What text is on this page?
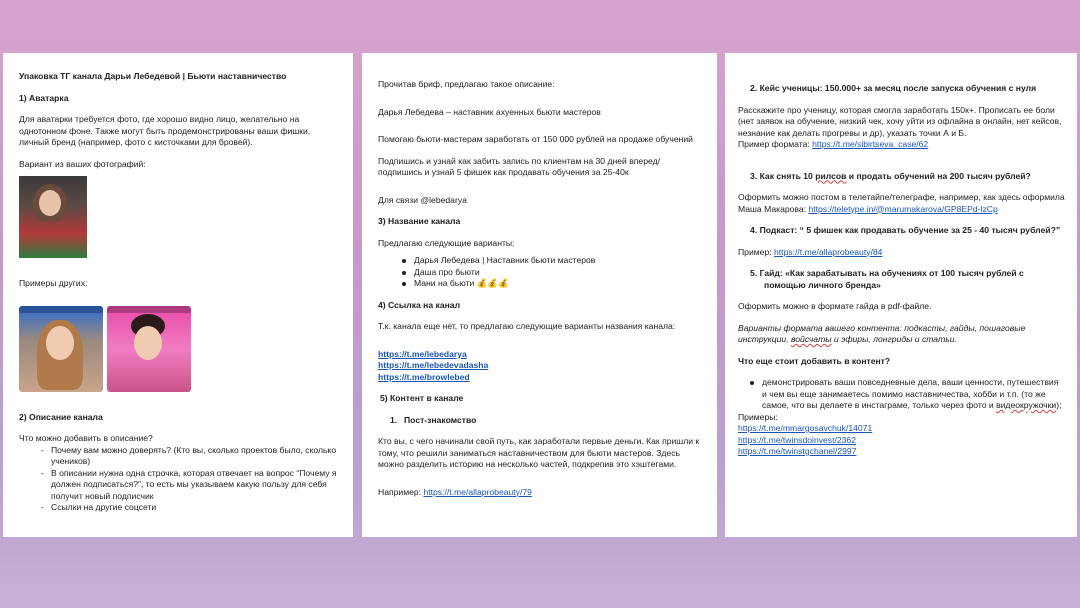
Упаковка ТГ канала Дарьи Лебедевой | Бьюти наставничество

1) Аватарка

Для аватарки требуется фото, где хорошо видно лицо, желательно на однотонном фоне. Также могут быть продемонстрированы ваши фишки, личный бренд (например, фото с кисточками для бровей).

Вариант из ваших фотографий:

Примеры других:

2) Описание канала

Что можно добавить в описание?

- Почему вам можно доверять? (Кто вы, сколько проектов было, сколько учеников)
- В описании нужна одна строчка, которая отвечает на вопрос “Почему я должен подписаться?”, то есть мы указываем какую пользу для себя получит новый подписчик
- Ссылки на другие соцсети

Прочитав бриф, предлагаю такое описание:

Дарья Лебедева – наставник ахуенных бьюти мастеров

Помогаю бьюти-мастерам заработать от 150 000 рублей на продаже обучений

Подпишись и узнай как забить запись по клиентам на 30 дней вперед/ подпишись и узнай 5 фишек как продавать обучения за 25-40к

Для связи @lebedarya

3) Название канала

Предлагаю следующие варианты:

Дарья Лебедева | Наставник бьюти мастеров
Даша про бьюти
Мани на бьюти 💰💰💰

4) Ссылка на канал

Т.к. канала еще нет, то предлагаю следующие варианты названия канала:

https://t.me/lebedarya

https://t.me/lebedevadasha

https://t.me/browlebed

5) Контент в канале

1. Пост-знакомство

Кто вы, с чего начинали свой путь, как заработали первые деньги. Как пришли к тому, что решили заниматься наставничеством для бьюти мастеров. Здесь можно разделить историю на несколько частей, подкрепив это хэштегами.

Например: https://t.me/allaprobeauty/79

2. Кейс ученицы: 150.000+ за месяц после запуска обучения с нуля

Расскажите про ученицу, которая смогла заработать 150к+. Прописать ее боли (нет заявок на обучение, низкий чек, хочу уйти из офлайна в онлайн, нет кейсов, незнание как делать прогревы и др), указать точки А и Б.

Пример формата: https://t.me/sibirtseva_case/62

3. Как снять 10 рилсов и продать обучений на 200 тысяч рублей?

Оформить можно постом в телетайпе/телеграфе, например, как здесь оформила Маша Макарова: https://teletype.in/@marumakarova/GP8EPd-lzCp

4. Подкаст: “ 5 фишек как продавать обучение за 25 - 40 тысяч рублей?”

Пример: https://t.me/allaprobeauty/84

5. Гайд: «Как зарабатывать на обучениях от 100 тысяч рублей с помощью личного бренда»

Оформить можно в формате гайда в pdf-файле.

Варианты формата вашего контента: подкасты, гайды, пошаговые инструкции, войсчаты и эфиры, лонгриды и статьи.

Что еще стоит добавить в контент?

демонстрировать ваши повседневные дела, ваши ценности, путешествия и чем вы еще занимаетесь помимо наставничества, хобби и т.п. (то же самое, что вы делаете в инстаграме, только через фото и видеокружочки);

Примеры:

https://t.me/mmargosavchuk/14071

https://t.me/twinsdoinvest/2362

https://t.me/twinstgchanel/2997
